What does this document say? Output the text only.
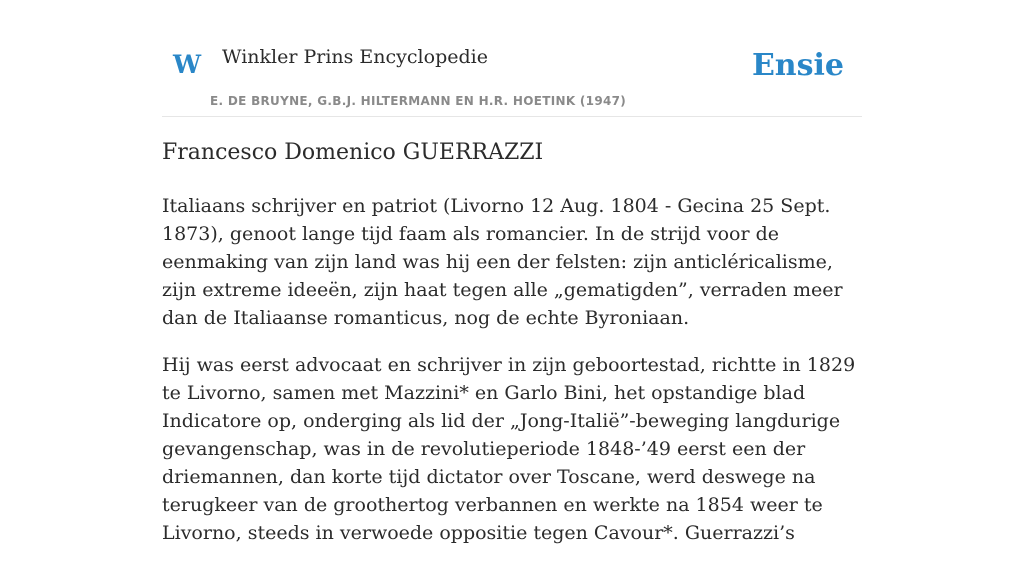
W Winkler Prins Encyclopedie
E. DE BRUYNE, G.B.J. HILTERMANN EN H.R. HOETINK (1947)
Ensie
Francesco Domenico GUERRAZZI

Italiaans schrijver en patriot (Livorno 12 Aug. 1804 - Gecina 25 Sept. 1873), genoot lange tijd faam als romancier. In de strijd voor de eenmaking van zijn land was hij een der felsten: zijn anticléricalisme, zijn extreme ideeën, zijn haat tegen alle „gematigden”, verraden meer dan de Italiaanse romanticus, nog de echte Byroniaan.

Hij was eerst advocaat en schrijver in zijn geboortestad, richtte in 1829 te Livorno, samen met Mazzini* en Garlo Bini, het opstandige blad Indicatore op, onderging als lid der „Jong-Italië”-beweging langdurige gevangenschap, was in de revolutieperiode 1848-’49 eerst een der driemannen, dan korte tijd dictator over Toscane, werd deswege na terugkeer van de groothertog verbannen en werkte na 1854 weer te Livorno, steeds in verwoede oppositie tegen Cavour*. Guerrazzi’s
